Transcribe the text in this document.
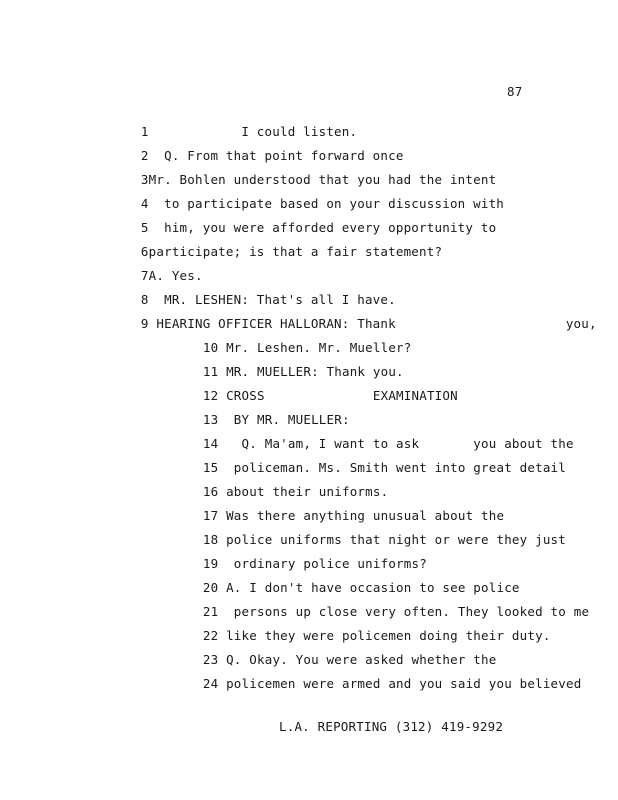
87

1            I could listen.

2  Q. From that point forward once

3Mr. Bohlen understood that you had the intent

4  to participate based on your discussion with

5  him, you were afforded every opportunity to

6participate; is that a fair statement?

7A. Yes.

8  MR. LESHEN: That's all I have.

9 HEARING OFFICER HALLORAN: Thank                      you,

10 Mr. Leshen. Mr. Mueller?

11 MR. MUELLER: Thank you.

12 CROSS              EXAMINATION

13  BY MR. MUELLER:

14   Q. Ma'am, I want to ask       you about the

15  policeman. Ms. Smith went into great detail

16 about their uniforms.

17 Was there anything unusual about the

18 police uniforms that night or were they just

19  ordinary police uniforms?

20 A. I don't have occasion to see police

21  persons up close very often. They looked to me

22 like they were policemen doing their duty.

23 Q. Okay. You were asked whether the

24 policemen were armed and you said you believed

L.A. REPORTING (312) 419-9292
